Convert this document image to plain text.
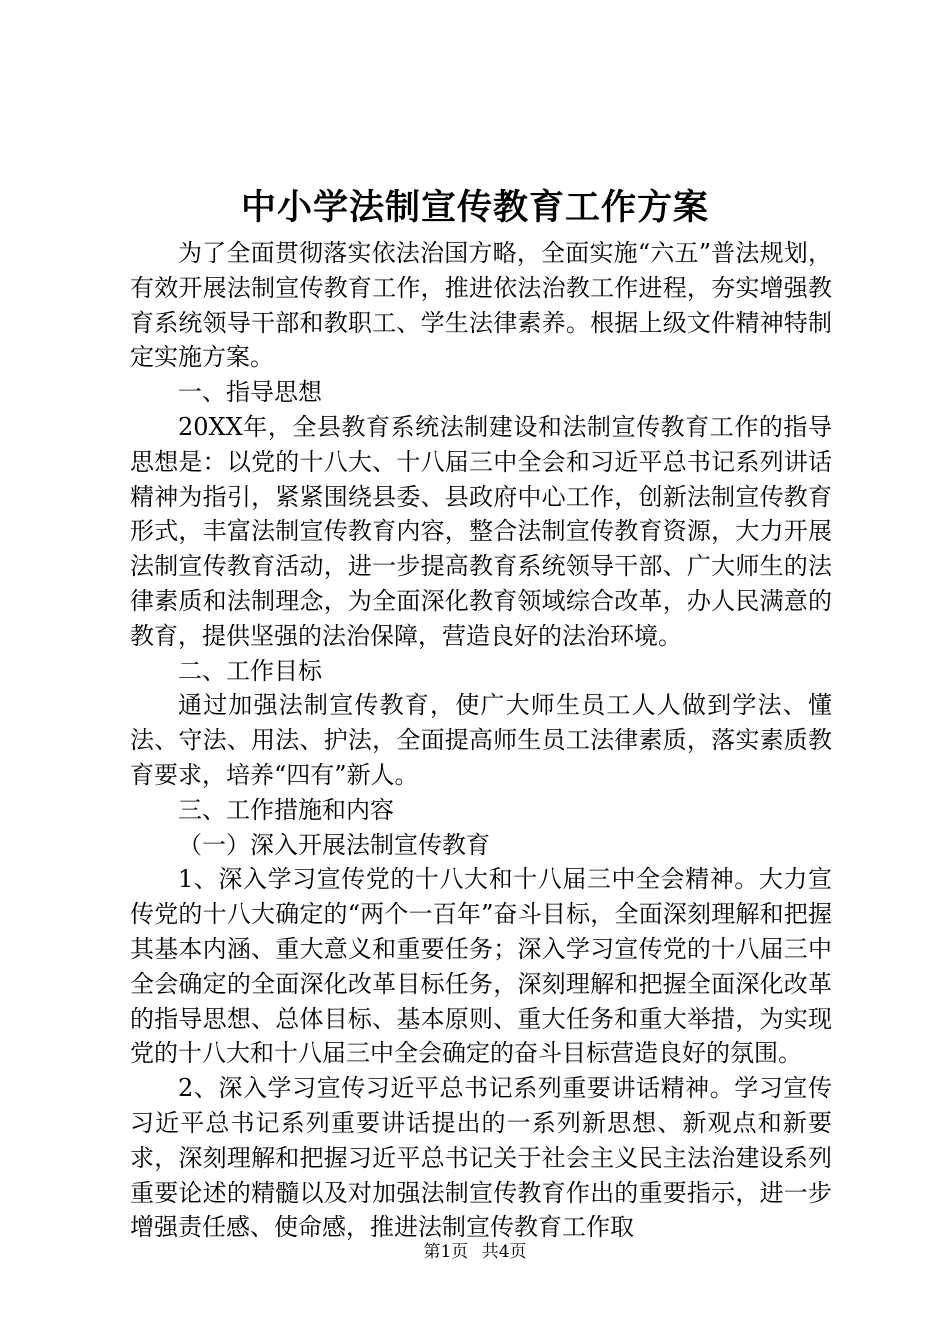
中小学法制宣传教育工作方案

为了全面贯彻落实依法治国方略，全面实施“六五”普法规划，有效开展法制宣传教育工作，推进依法治教工作进程，夯实增强教育系统领导干部和教职工、学生法律素养。根据上级文件精神特制定实施方案。

一、指导思想

20XX年，全县教育系统法制建设和法制宣传教育工作的指导思想是：以党的十八大、十八届三中全会和习近平总书记系列讲话精神为指引，紧紧围绕县委、县政府中心工作，创新法制宣传教育形式，丰富法制宣传教育内容，整合法制宣传教育资源，大力开展法制宣传教育活动，进一步提高教育系统领导干部、广大师生的法律素质和法制理念，为全面深化教育领域综合改革，办人民满意的教育，提供坚强的法治保障，营造良好的法治环境。

二、工作目标

通过加强法制宣传教育，使广大师生员工人人做到学法、懂法、守法、用法、护法，全面提高师生员工法律素质，落实素质教育要求，培养“四有”新人。

三、工作措施和内容

（一）深入开展法制宣传教育

1、深入学习宣传党的十八大和十八届三中全会精神。大力宣传党的十八大确定的“两个一百年”奋斗目标，全面深刻理解和把握其基本内涵、重大意义和重要任务；深入学习宣传党的十八届三中全会确定的全面深化改革目标任务，深刻理解和把握全面深化改革的指导思想、总体目标、基本原则、重大任务和重大举措，为实现党的十八大和十八届三中全会确定的奋斗目标营造良好的氛围。

2、深入学习宣传习近平总书记系列重要讲话精神。学习宣传习近平总书记系列重要讲话提出的一系列新思想、新观点和新要求，深刻理解和把握习近平总书记关于社会主义民主法治建设系列重要论述的精髓以及对加强法制宣传教育作出的重要指示，进一步增强责任感、使命感，推进法制宣传教育工作取

第1页 共4页
